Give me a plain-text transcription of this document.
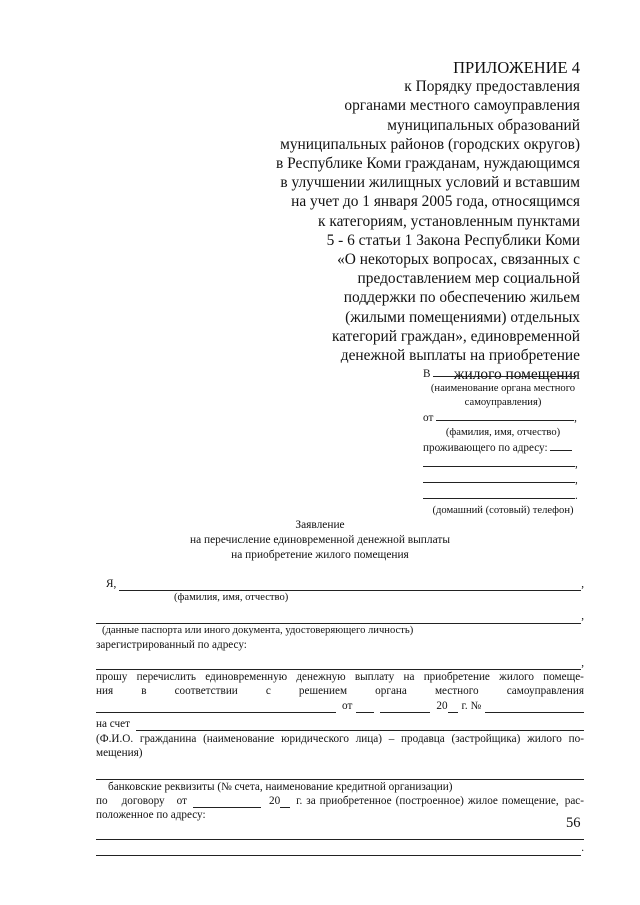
ПРИЛОЖЕНИЕ 4
к Порядку предоставления
органами местного самоуправления
муниципальных образований
муниципальных районов (городских округов)
в Республике Коми гражданам, нуждающимся
в улучшении жилищных условий и вставшим
на учет до 1 января 2005 года, относящимся
к категориям, установленным пунктами
5 - 6 статьи 1 Закона Республики Коми
«О некоторых вопросах, связанных с
предоставлением мер социальной
поддержки по обеспечению жильем
(жилыми помещениями) отдельных
категорий граждан», единовременной
денежной выплаты на приобретение
жилого помещения
В
(наименование органа местного
самоуправления)
от	,
(фамилия, имя, отчество)
проживающего по адресу:
,
,
.
(домашний (сотовый) телефон)
Заявление
на перечисление единовременной денежной выплаты
на приобретение жилого помещения
Я,	,
(фамилия, имя, отчество)
,
(данные паспорта или иного документа, удостоверяющего личность)
зарегистрированный по адресу:
,
прошу перечислить единовременную денежную выплату на приобретение жилого помеще-
ния	в	соответствии	с	решением	органа	местного	самоуправления
от	20 г. №
на счет
(Ф.И.О. гражданина (наименование юридического лица) – продавца (застройщика) жилого по-
мещения)
банковские реквизиты (№ счета, наименование кредитной организации)
по договору от	20 г. за приобретенное (построенное) жилое помещение, рас-
положенное по адресу:
.
56
